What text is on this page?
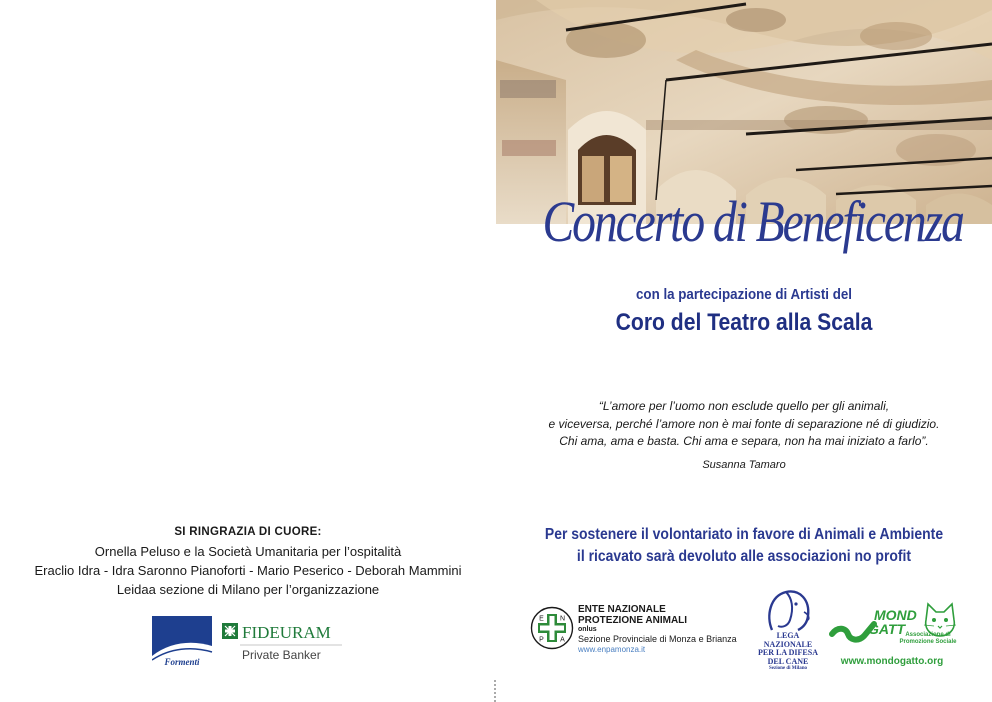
SI RINGRAZIA DI CUORE:
Ornella Peluso e la Società Umanitaria per l’ospitalità
Eraclio Idra - Idra Saronno Pianoforti - Mario Peserico - Deborah Mammini
Leidaa sezione di Milano per l’organizzazione
Formenti
FIDEURAM
Private Banker
Concerto di Beneficenza
con la partecipazione di Artisti del
Coro del Teatro alla Scala
“L’amore per l’uomo non esclude quello per gli animali,
e viceversa, perché l’amore non è mai fonte di separazione né di giudizio.
Chi ama, ama e basta. Chi ama e separa, non ha mai iniziato a farlo”.
Susanna Tamaro
Per sostenere il volontariato in favore di Animali e Ambiente
il ricavato sarà devoluto alle associazioni no profit
E N
P A
ENTE NAZIONALE
PROTEZIONE ANIMALI
onlus
Sezione Provinciale di Monza e Brianza
www.enpamonza.it
LEGA
NAZIONALE
PER LA DIFESA
DEL CANE
Sezione di Milano
MOND
GATT Associazione di
Promozione Sociale
www.mondogatto.org
